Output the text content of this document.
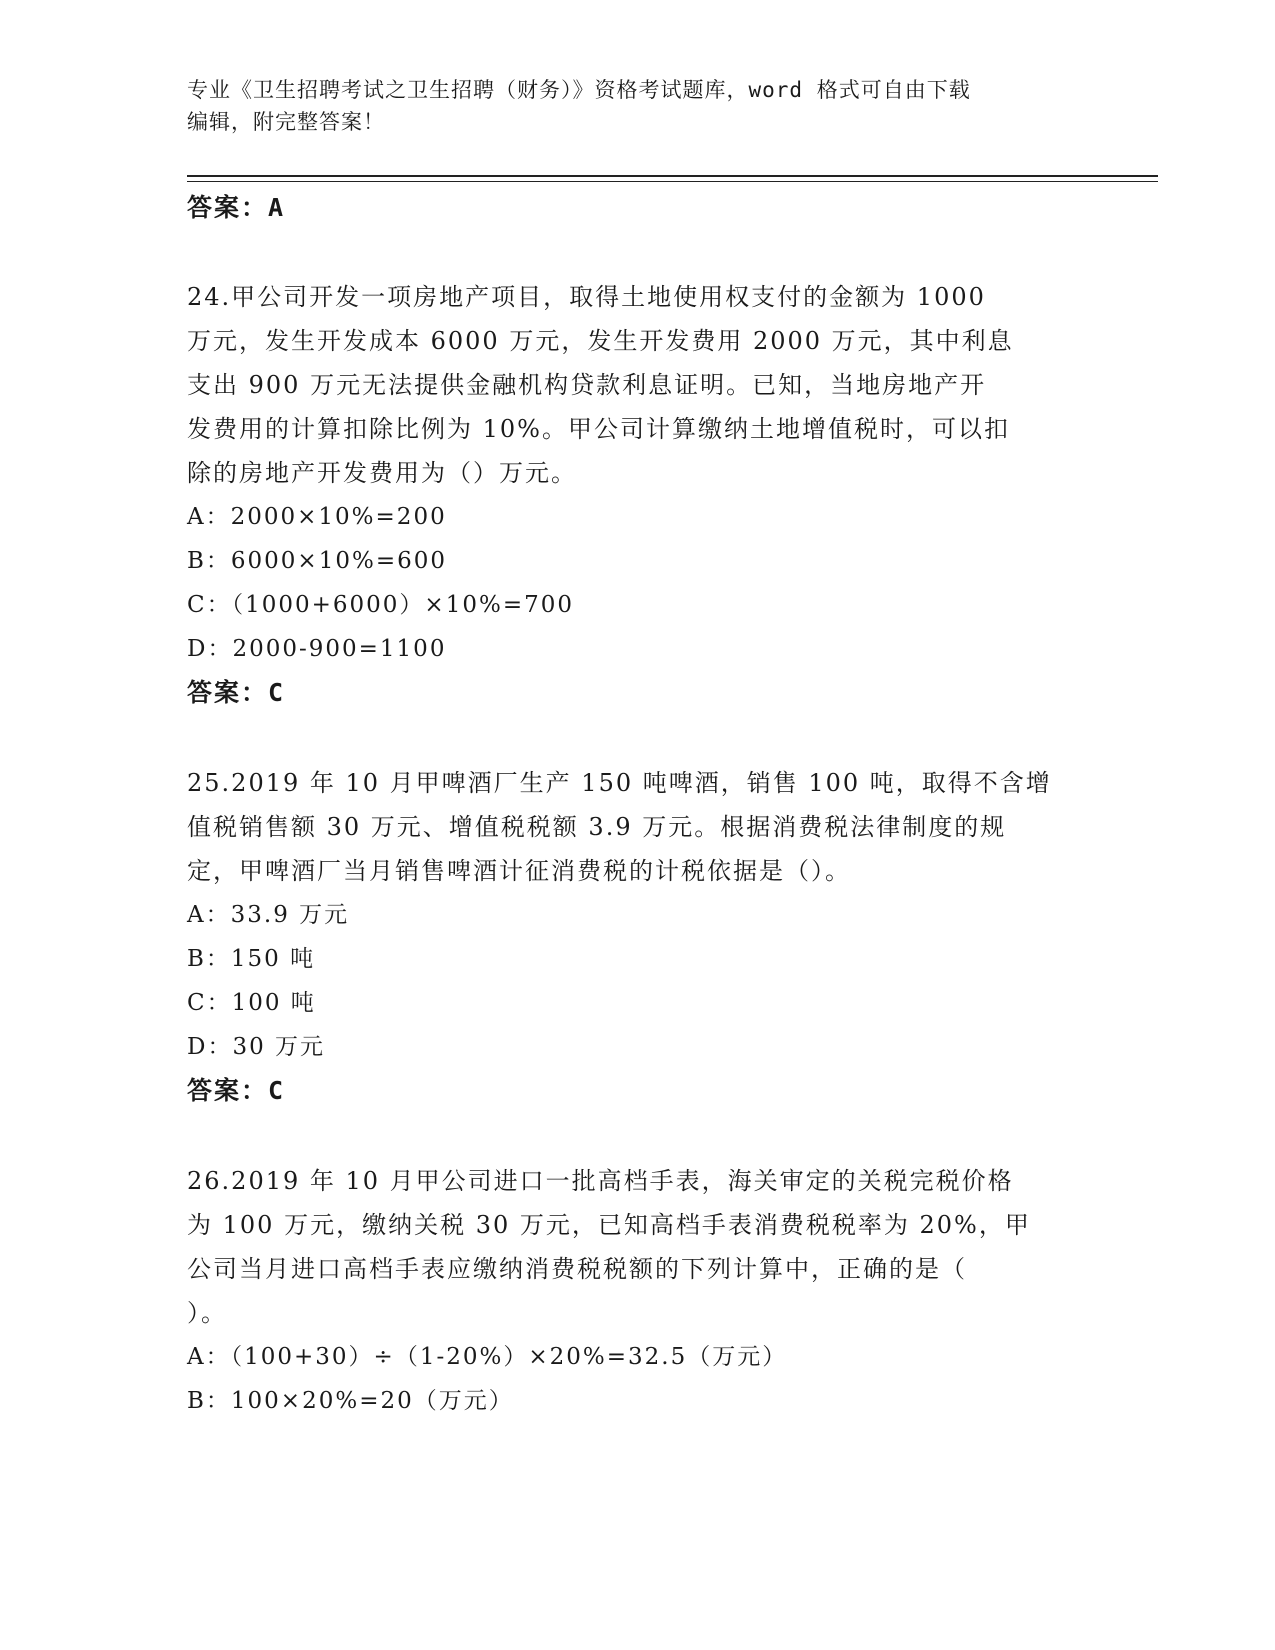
专业《卫生招聘考试之卫生招聘（财务）》资格考试题库，word 格式可自由下载
编辑，附完整答案！
答案：A
24.甲公司开发一项房地产项目，取得土地使用权支付的金额为 1000
万元，发生开发成本 6000 万元，发生开发费用 2000 万元，其中利息
支出 900 万元无法提供金融机构贷款利息证明。已知，当地房地产开
发费用的计算扣除比例为 10%。甲公司计算缴纳土地增值税时，可以扣
除的房地产开发费用为（）万元。
A：2000×10%=200
B：6000×10%=600
C：（1000+6000）×10%=700
D：2000-900=1100
答案：C
25.2019 年 10 月甲啤酒厂生产 150 吨啤酒，销售 100 吨，取得不含增
值税销售额 30 万元、增值税税额 3.9 万元。根据消费税法律制度的规
定，甲啤酒厂当月销售啤酒计征消费税的计税依据是（）。
A：33.9 万元
B：150 吨
C：100 吨
D：30 万元
答案：C
26.2019 年 10 月甲公司进口一批高档手表，海关审定的关税完税价格
为 100 万元，缴纳关税 30 万元，已知高档手表消费税税率为 20%，甲
公司当月进口高档手表应缴纳消费税税额的下列计算中，正确的是（
）。
A：（100+30）÷（1-20%）×20%=32.5（万元）
B：100×20%=20（万元）
